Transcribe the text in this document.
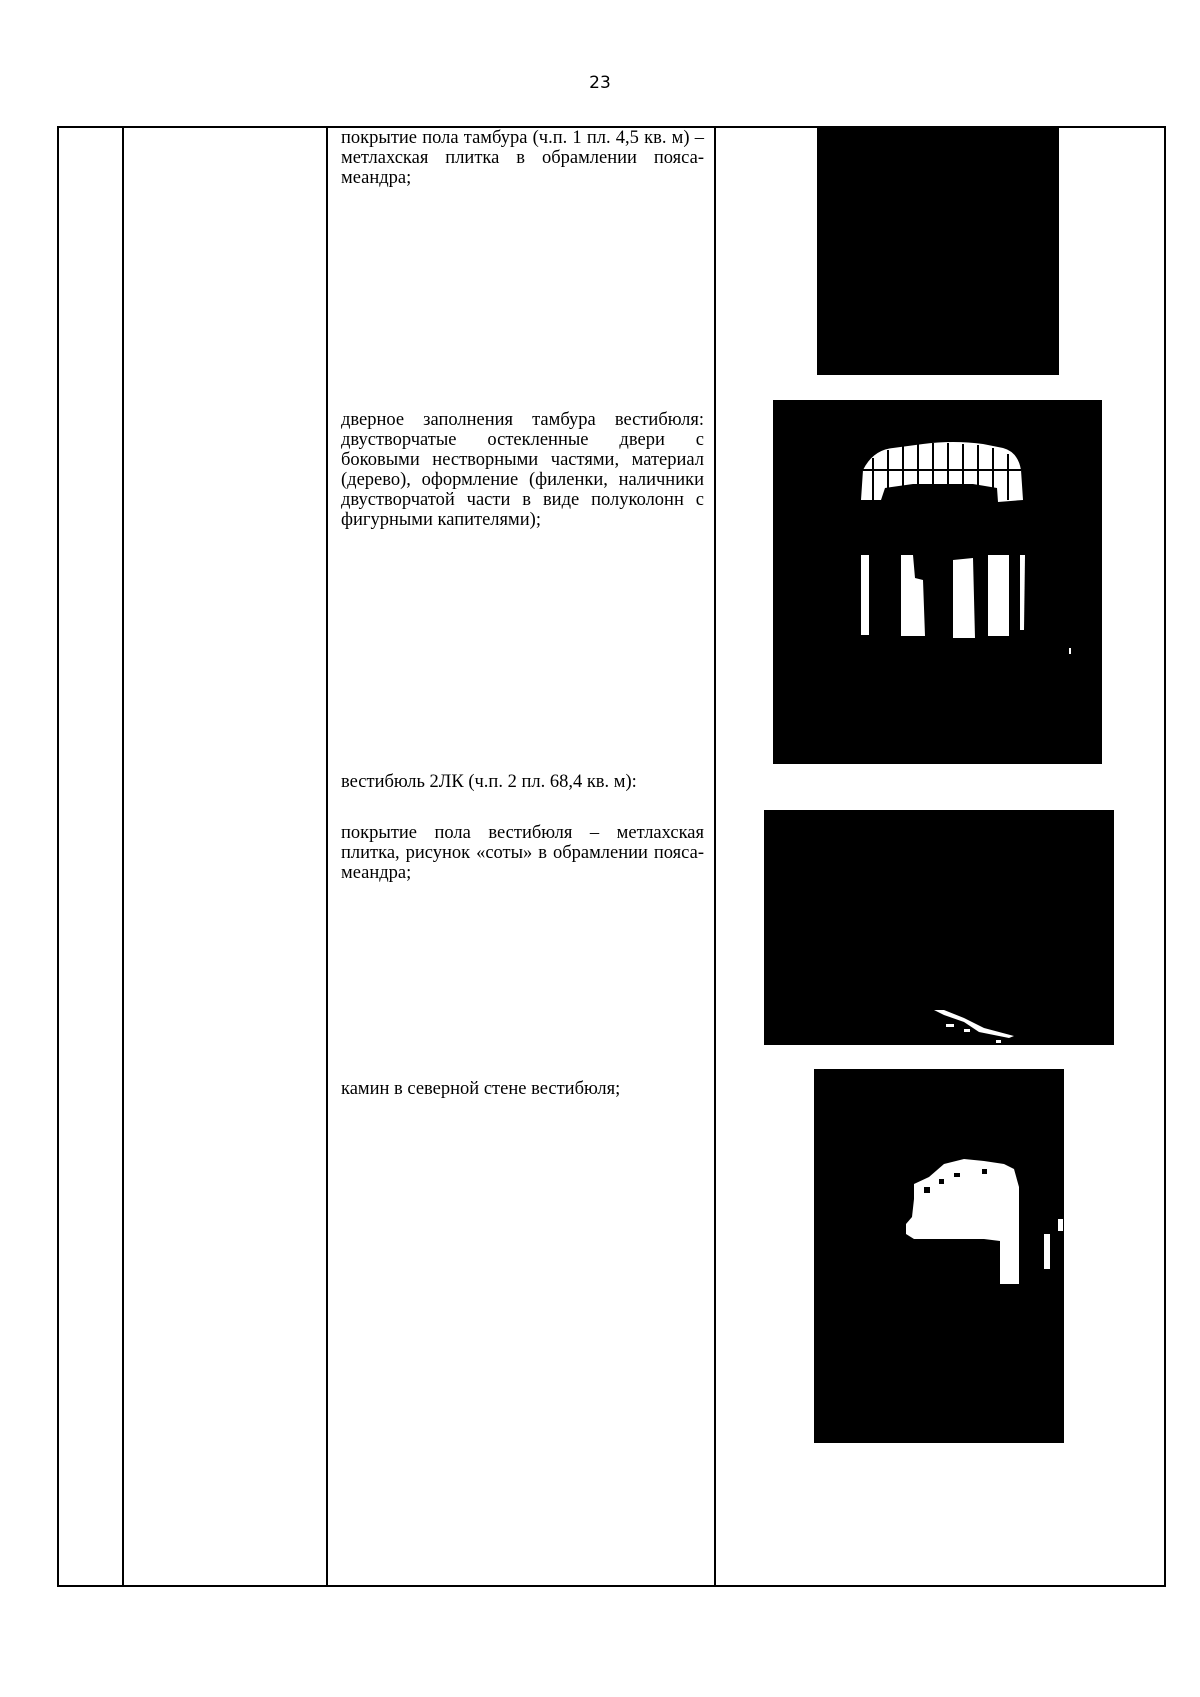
23
покрытие пола тамбура (ч.п. 1 пл. 4,5 кв. м) – метлахская плитка в обрамлении пояса-меандра;
дверное заполнения тамбура вестибюля: двустворчатые остекленные двери с боковыми нестворными частями, материал (дерево), оформление (филенки, наличники двустворчатой части в виде полуколонн с фигурными капителями);
вестибюль 2ЛК (ч.п. 2 пл. 68,4 кв. м):
покрытие пола вестибюля – метлахская плитка, рисунок «соты» в обрамлении пояса-меандра;
камин в северной стене вестибюля;
